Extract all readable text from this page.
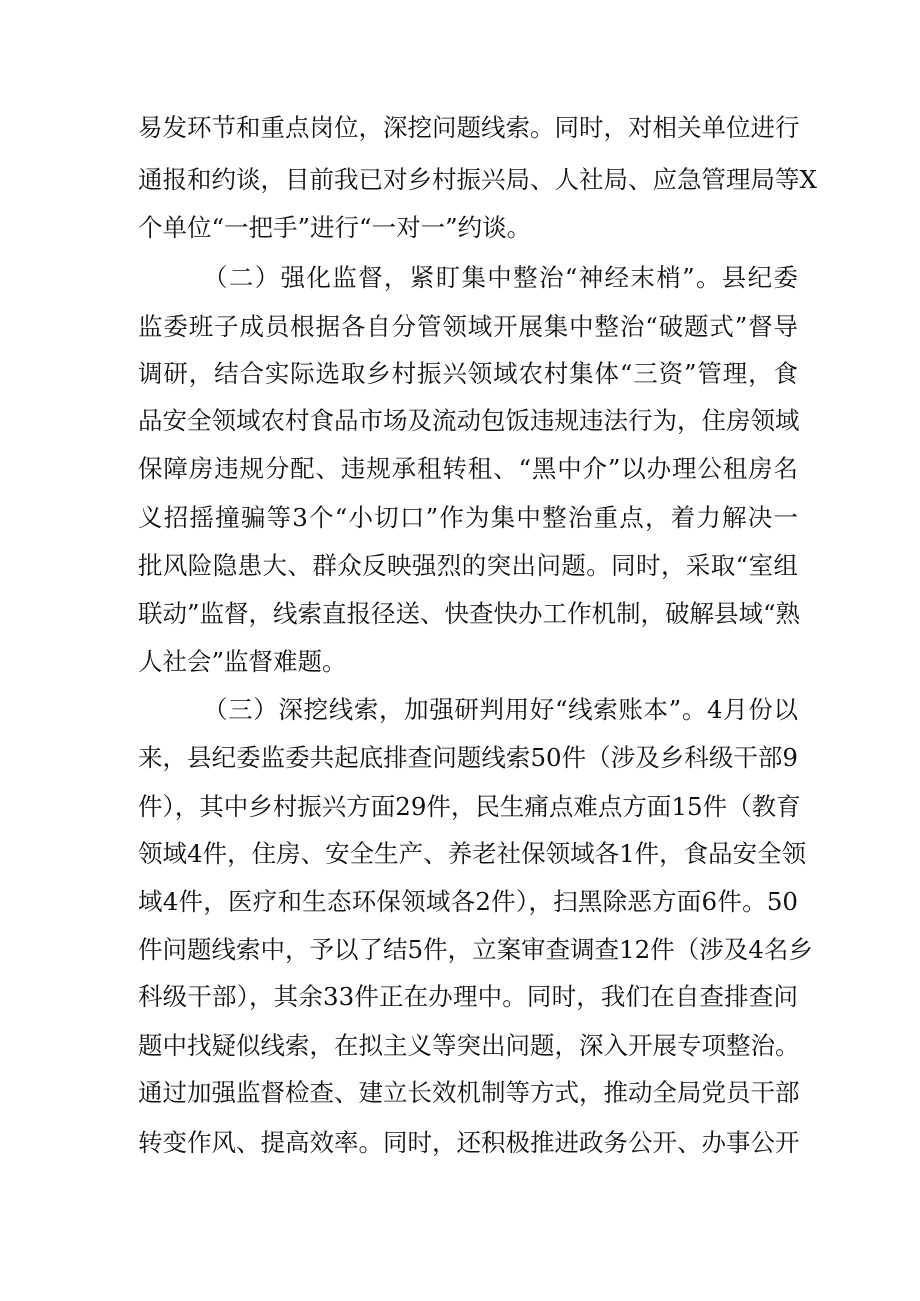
易发环节和重点岗位，深挖问题线索。同时，对相关单位进行
通报和约谈，目前我已对乡村振兴局、人社局、应急管理局等X
个单位“一把手”进行“一对一”约谈。
（二）强化监督，紧盯集中整治“神经末梢”。县纪委
监委班子成员根据各自分管领域开展集中整治“破题式”督导
调研，结合实际选取乡村振兴领域农村集体“三资”管理，食
品安全领域农村食品市场及流动包饭违规违法行为，住房领域
保障房违规分配、违规承租转租、“黑中介”以办理公租房名
义招摇撞骗等3个“小切口”作为集中整治重点，着力解决一
批风险隐患大、群众反映强烈的突出问题。同时，采取“室组
联动”监督，线索直报径送、快查快办工作机制，破解县域“熟
人社会”监督难题。
（三）深挖线索，加强研判用好“线索账本”。4月份以
来，县纪委监委共起底排查问题线索50件（涉及乡科级干部9
件），其中乡村振兴方面29件，民生痛点难点方面15件（教育
领域4件，住房、安全生产、养老社保领域各1件，食品安全领
域4件，医疗和生态环保领域各2件），扫黑除恶方面6件。50
件问题线索中，予以了结5件，立案审查调查12件（涉及4名乡
科级干部），其余33件正在办理中。同时，我们在自查排查问
题中找疑似线索，在拟主义等突出问题，深入开展专项整治。
通过加强监督检查、建立长效机制等方式，推动全局党员干部
转变作风、提高效率。同时，还积极推进政务公开、办事公开
